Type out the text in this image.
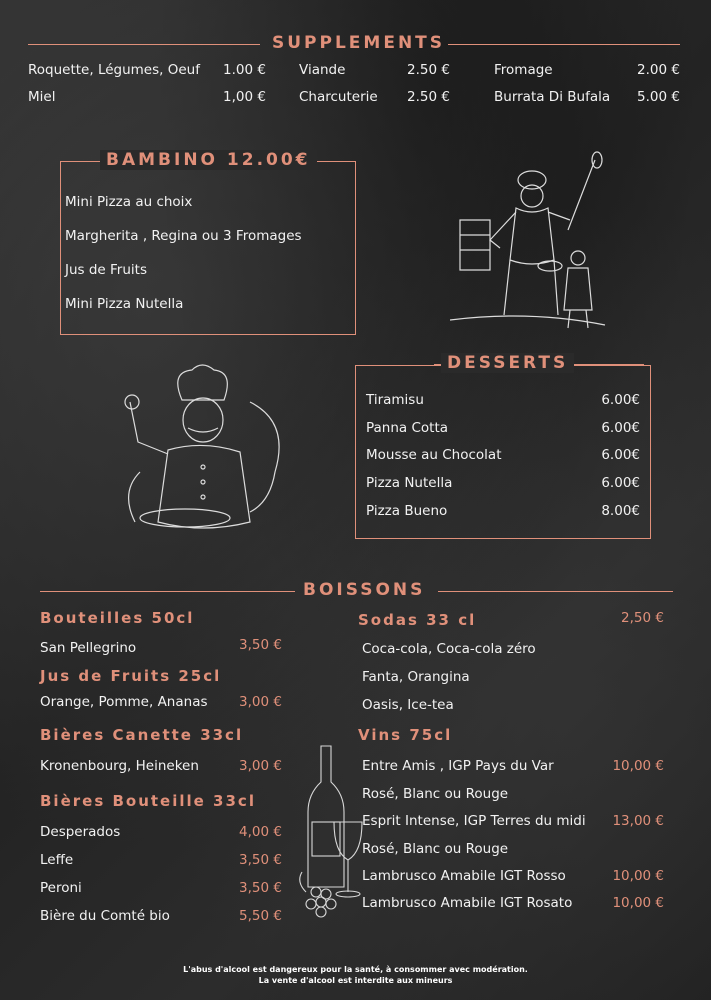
SUPPLEMENTS
Roquette, Légumes, Oeuf	1.00 € Viande	2.50 €	Fromage	2.00 €
Miel	1,00 € Charcuterie	2.50 €	Burrata Di Bufala	5.00 €
BAMBINO 12.00€
Mini Pizza au choix
Margherita , Regina ou 3 Fromages
Jus de Fruits
Mini Pizza Nutella
DESSERTS
Tiramisu	6.00€
Panna Cotta	6.00€
Mousse au Chocolat	6.00€
Pizza Nutella	6.00€
Pizza Bueno	8.00€
BOISSONS
Bouteilles 50cl
San Pellegrino	3,50 €
Jus de Fruits 25cl
Orange, Pomme, Ananas	3,00 €
Bières Canette 33cl
Kronenbourg, Heineken	3,00 €
Bières Bouteille 33cl
Desperados	4,00 €
Leffe	3,50 €
Peroni	3,50 €
Bière du Comté bio	5,50 €
Sodas 33 cl	2,50 €
Coca-cola, Coca-cola zéro
Fanta, Orangina
Oasis, Ice-tea
Vins 75cl
Entre Amis , IGP Pays du Var	10,00 €
Rosé, Blanc ou Rouge
Esprit Intense, IGP Terres du midi	13,00 €
Rosé, Blanc ou Rouge
Lambrusco Amabile IGT Rosso	10,00 €
Lambrusco Amabile IGT Rosato	10,00 €
L'abus d'alcool est dangereux pour la santé, à consommer avec modération.
La vente d'alcool est interdite aux mineurs
